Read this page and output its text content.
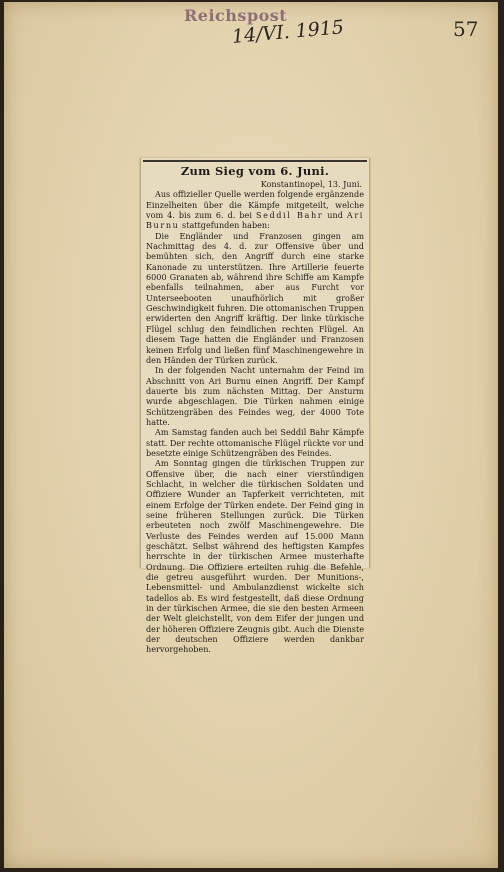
Reichspost
14/VI. 1915	57

Zum Sieg vom 6. Juni.

Konstantinopel, 13. Juni.

Aus offizieller Quelle werden folgende ergänzende Einzelheiten über die Kämpfe mitgeteilt, welche vom 4. bis zum 6. d. bei Seddil Bahr und Ari Burnu stattgefunden haben:

Die Engländer und Franzosen gingen am Nachmittag des 4. d. zur Offensive über und bemühten sich, den Angriff durch eine starke Kanonade zu unterstützen. Ihre Artillerie feuerte 6000 Granaten ab, während ihre Schiffe am Kampfe ebenfalls teilnahmen, aber aus Furcht vor Unterseebooten unaufhörlich mit großer Geschwindigkeit fuhren. Die ottomanischen Truppen erwiderten den Angriff kräftig. Der linke türkische Flügel schlug den feindlichen rechten Flügel. An diesem Tage hatten die Engländer und Franzosen keinen Erfolg und ließen fünf Maschinengewehre in den Händen der Türken zurück.

In der folgenden Nacht unternahm der Feind im Abschnitt von Ari Burnu einen Angriff. Der Kampf dauerte bis zum nächsten Mittag. Der Ansturm wurde abgeschlagen. Die Türken nahmen einige Schützengräben des Feindes weg, der 4000 Tote hatte.

Am Samstag fanden auch bei Seddil Bahr Kämpfe statt. Der rechte ottomanische Flügel rückte vor und besetzte einige Schützengräben des Feindes.

Am Sonntag gingen die türkischen Truppen zur Offensive über, die nach einer vierstündigen Schlacht, in welcher die türkischen Soldaten und Offiziere Wunder an Tapferkeit verrichteten, mit einem Erfolge der Türken endete. Der Feind ging in seine früheren Stellungen zurück. Die Türken erbeuteten noch zwölf Maschinengewehre. Die Verluste des Feindes werden auf 15.000 Mann geschätzt. Selbst während des heftigsten Kampfes herrschte in der türkischen Armee musterhafte Ordnung. Die Offiziere erteilten ruhig die Befehle, die getreu ausgeführt wurden. Der Munitions-, Lebensmittel- und Ambulanzdienst wickelte sich tadellos ab. Es wird festgestellt, daß diese Ordnung in der türkischen Armee, die sie den besten Armeen der Welt gleichstellt, von dem Eifer der jungen und der höheren Offiziere Zeugnis gibt. Auch die Dienste der deutschen Offiziere werden dankbar hervorgehoben.
